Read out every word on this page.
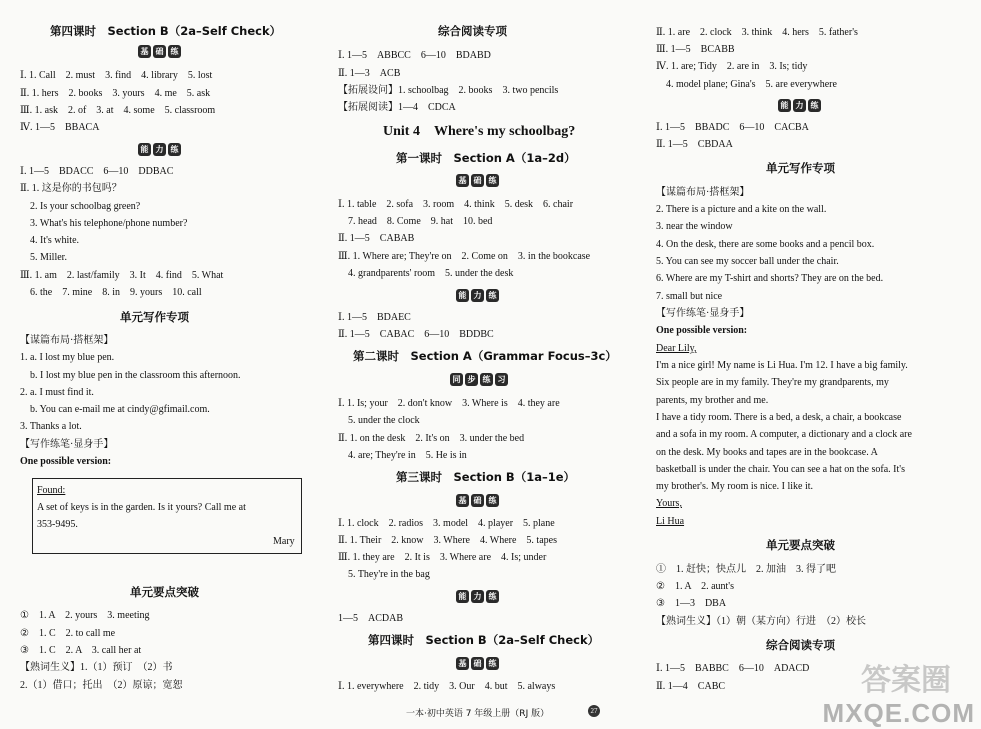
第四课时　Section B（2a–Self Check）
基 础 练
Ⅰ. 1. Call　2. must　3. find　4. library　5. lost
Ⅱ. 1. hers　2. books　3. yours　4. me　5. ask
Ⅲ. 1. ask　2. of　3. at　4. some　5. classroom
Ⅳ. 1—5　BBACA
能 力 练
Ⅰ. 1—5　BDACC　6—10　DDBAC
Ⅱ. 1. 这是你的书包吗？
2. Is your schoolbag green?
3. What's his telephone/phone number?
4. It's white.
5. Miller.
Ⅲ. 1. am　2. last/family　3. It　4. find　5. What
6. the　7. mine　8. in　9. yours　10. call
单元写作专项
【谋篇布局·搭框架】
1. a. I lost my blue pen.
b. I lost my blue pen in the classroom this afternoon.
2. a. I must find it.
b. You can e-mail me at cindy@gfimail.com.
3. Thanks a lot.
【写作练笔·显身手】
One possible version:
Found:
A set of keys is in the garden. Is it yours? Call me at
353-9495.
Mary
单元要点突破
①　1. A　2. yours　3. meeting
②　1. C　2. to call me
③　1. C　2. A　3. call her at
【熟词生义】1.（1）预订　（2）书
2.（1）借口；托出　（2）原谅；宽恕
综合阅读专项
Ⅰ. 1—5　ABBCC　6—10　BDABD
Ⅱ. 1—3　ACB
【拓展设问】1. schoolbag　2. books　3. two pencils
【拓展阅读】1—4　CDCA
Unit 4　Where's my schoolbag?
第一课时　Section A（1a–2d）
基 础 练
Ⅰ. 1. table　2. sofa　3. room　4. think　5. desk　6. chair
7. head　8. Come　9. hat　10. bed
Ⅱ. 1—5　CABAB
Ⅲ. 1. Where are; They're on　2. Come on　3. in the bookcase
4. grandparents' room　5. under the desk
能 力 练
Ⅰ. 1—5　BDAEC
Ⅱ. 1—5　CABAC　6—10　BDDBC
第二课时　Section A（Grammar Focus–3c）
同 步 练 习
Ⅰ. 1. Is; your　2. don't know　3. Where is　4. they are
5. under the clock
Ⅱ. 1. on the desk　2. It's on　3. under the bed
4. are; They're in　5. He is in
第三课时　Section B（1a–1e）
基 础 练
Ⅰ. 1. clock　2. radios　3. model　4. player　5. plane
Ⅱ. 1. Their　2. know　3. Where　4. Where　5. tapes
Ⅲ. 1. they are　2. It is　3. Where are　4. Is; under
5. They're in the bag
能 力 练
1—5　ACDAB
第四课时　Section B（2a–Self Check）
基 础 练
Ⅰ. 1. everywhere　2. tidy　3. Our　4. but　5. always
一本·初中英语 7 年级上册（RJ 版）	27
Ⅱ. 1. are　2. clock　3. think　4. hers　5. father's
Ⅲ. 1—5　BCABB
Ⅳ. 1. are; Tidy　2. are in　3. Is; tidy
4. model plane; Gina's　5. are everywhere
能 力 练
Ⅰ. 1—5　BBADC　6—10　CACBA
Ⅱ. 1—5　CBDAA
单元写作专项
【谋篇布局·搭框架】
2. There is a picture and a kite on the wall.
3. near the window
4. On the desk, there are some books and a pencil box.
5. You can see my soccer ball under the chair.
6. Where are my T-shirt and shorts? They are on the bed.
7. small but nice
【写作练笔·显身手】
One possible version:
Dear Lily,
I'm a nice girl! My name is Li Hua. I'm 12. I have a big family.
Six people are in my family. They're my grandparents, my
parents, my brother and me.
I have a tidy room. There is a bed, a desk, a chair, a bookcase
and a sofa in my room. A computer, a dictionary and a clock are
on the desk. My books and tapes are in the bookcase. A
basketball is under the chair. You can see a hat on the sofa. It's
my brother's. My room is nice. I like it.
Yours,
Li Hua
单元要点突破
①　1. 赶快；快点儿　2. 加油　3. 得了吧
②　1. A　2. aunt's
③　1—3　DBA
【熟词生义】（1）朝（某方向）行进　（2）校长
综合阅读专项
Ⅰ. 1—5　BABBC　6—10　ADACD
Ⅱ. 1—4　CABC	答案圈
MXQE.COM
